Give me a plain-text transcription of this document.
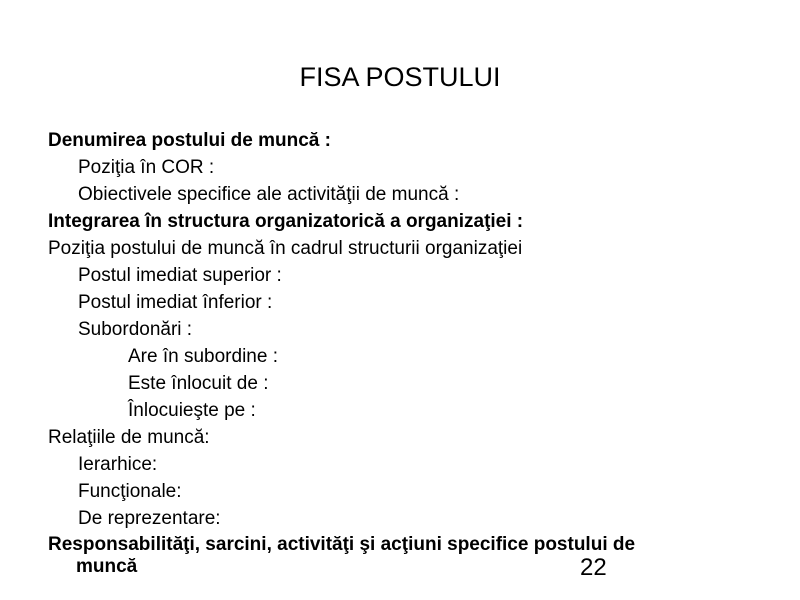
FISA POSTULUI
Denumirea postului de muncă :
Poziţia în COR :
Obiectivele specifice ale activităţii de muncă :
Integrarea în structura organizatorică a organizaţiei :
Poziţia postului de muncă în cadrul structurii organizaţiei
Postul imediat superior :
Postul imediat înferior :
Subordonări :
Are în subordine :
Este înlocuit de :
Înlocuieşte pe :
Relaţiile de muncă:
Ierarhice:
Funcţionale:
De reprezentare:
Responsabilităţi, sarcini, activităţi şi acţiuni specifice postului de
muncă	22
